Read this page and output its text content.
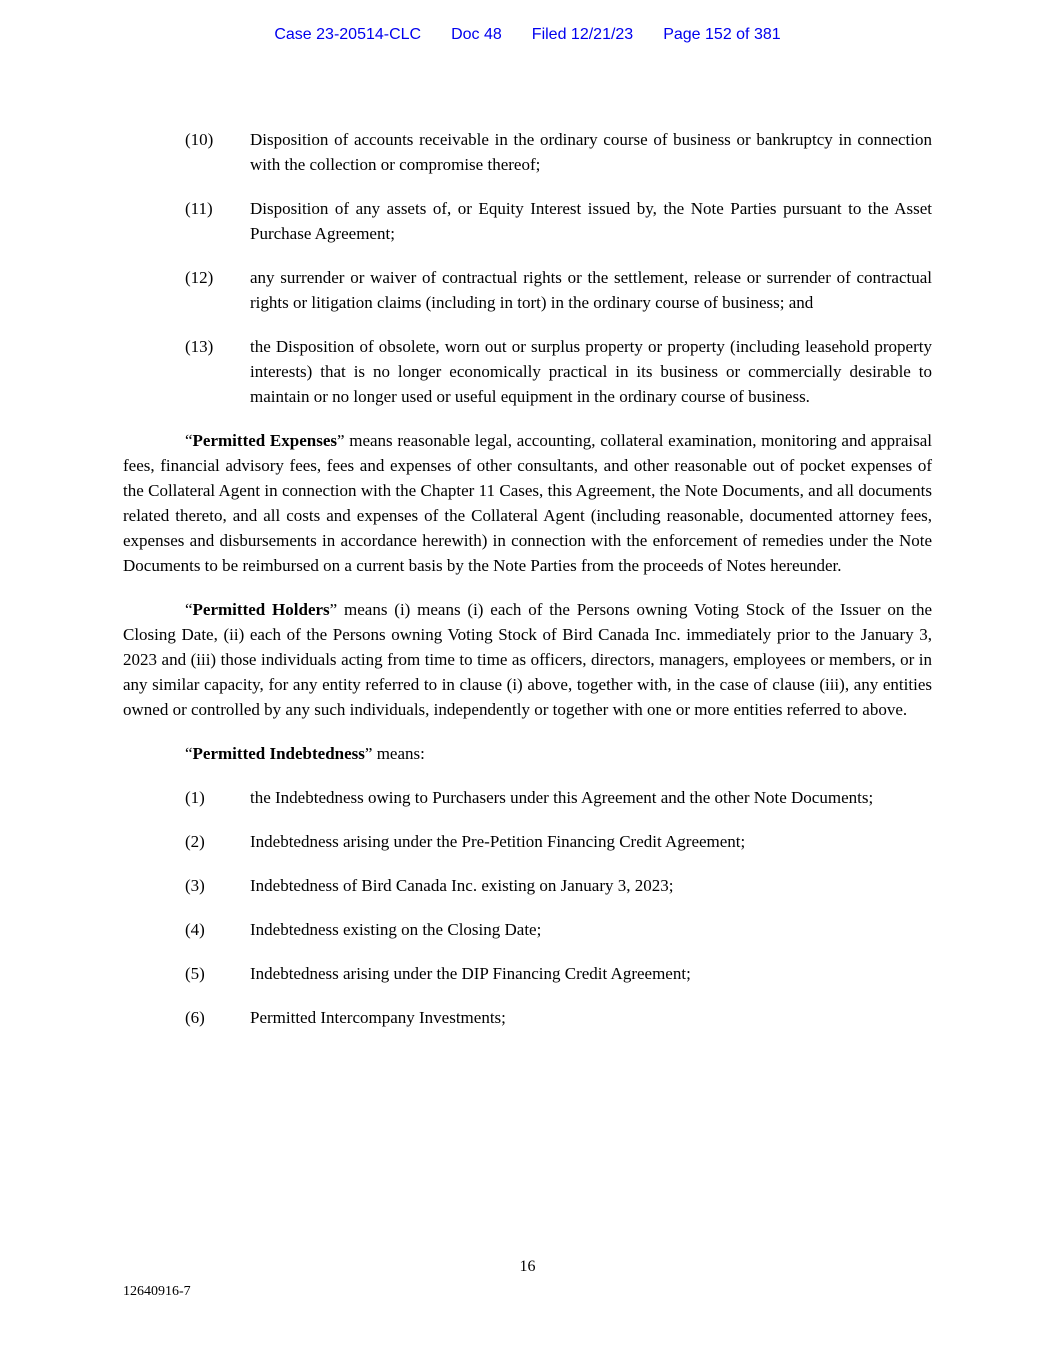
Case 23-20514-CLC Doc 48 Filed 12/21/23 Page 152 of 381
(10)	Disposition of accounts receivable in the ordinary course of business or bankruptcy in connection with the collection or compromise thereof;
(11)	Disposition of any assets of, or Equity Interest issued by, the Note Parties pursuant to the Asset Purchase Agreement;
(12)	any surrender or waiver of contractual rights or the settlement, release or surrender of contractual rights or litigation claims (including in tort) in the ordinary course of business; and
(13)	the Disposition of obsolete, worn out or surplus property or property (including leasehold property interests) that is no longer economically practical in its business or commercially desirable to maintain or no longer used or useful equipment in the ordinary course of business.

“Permitted Expenses” means reasonable legal, accounting, collateral examination, monitoring and appraisal fees, financial advisory fees, fees and expenses of other consultants, and other reasonable out of pocket expenses of the Collateral Agent in connection with the Chapter 11 Cases, this Agreement, the Note Documents, and all documents related thereto, and all costs and expenses of the Collateral Agent (including reasonable, documented attorney fees, expenses and disbursements in accordance herewith) in connection with the enforcement of remedies under the Note Documents to be reimbursed on a current basis by the Note Parties from the proceeds of Notes hereunder.

“Permitted Holders” means (i) means (i) each of the Persons owning Voting Stock of the Issuer on the Closing Date, (ii) each of the Persons owning Voting Stock of Bird Canada Inc. immediately prior to the January 3, 2023 and (iii) those individuals acting from time to time as officers, directors, managers, employees or members, or in any similar capacity, for any entity referred to in clause (i) above, together with, in the case of clause (iii), any entities owned or controlled by any such individuals, independently or together with one or more entities referred to above.

“Permitted Indebtedness” means:

(1)	the Indebtedness owing to Purchasers under this Agreement and the other Note Documents;
(2)	Indebtedness arising under the Pre-Petition Financing Credit Agreement;
(3)	Indebtedness of Bird Canada Inc. existing on January 3, 2023;
(4)	Indebtedness existing on the Closing Date;
(5)	Indebtedness arising under the DIP Financing Credit Agreement;
(6)	Permitted Intercompany Investments;
16
12640916-7
